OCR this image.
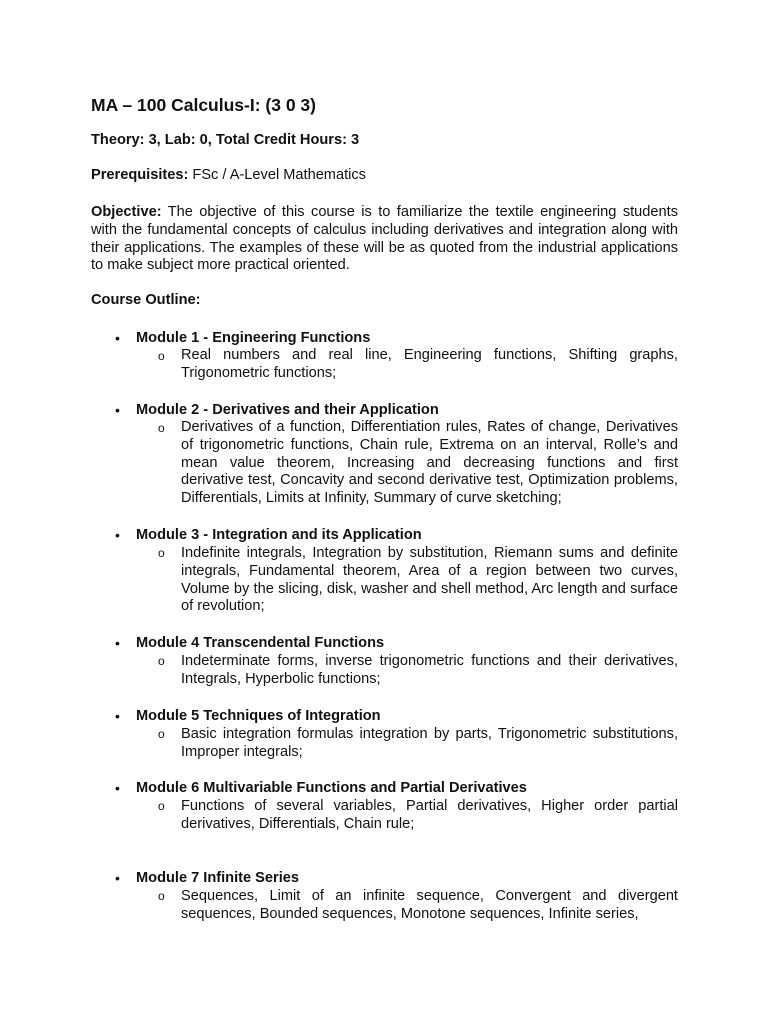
MA – 100 Calculus-I: (3 0 3)
Theory: 3, Lab: 0, Total Credit Hours: 3
Prerequisites: FSc / A-Level Mathematics
Objective: The objective of this course is to familiarize the textile engineering students with the fundamental concepts of calculus including derivatives and integration along with their applications. The examples of these will be as quoted from the industrial applications to make subject more practical oriented.
Course Outline:
• Module 1 - Engineering Functions
o Real numbers and real line, Engineering functions, Shifting graphs, Trigonometric functions;
• Module 2 - Derivatives and their Application
o Derivatives of a function, Differentiation rules, Rates of change, Derivatives of trigonometric functions, Chain rule, Extrema on an interval, Rolle’s and mean value theorem, Increasing and decreasing functions and first derivative test, Concavity and second derivative test, Optimization problems, Differentials, Limits at Infinity, Summary of curve sketching;
• Module 3 - Integration and its Application
o Indefinite integrals, Integration by substitution, Riemann sums and definite integrals, Fundamental theorem, Area of a region between two curves, Volume by the slicing, disk, washer and shell method, Arc length and surface of revolution;
• Module 4 Transcendental Functions
o Indeterminate forms, inverse trigonometric functions and their derivatives, Integrals, Hyperbolic functions;
• Module 5 Techniques of Integration
o Basic integration formulas integration by parts, Trigonometric substitutions, Improper integrals;
• Module 6 Multivariable Functions and Partial Derivatives
o Functions of several variables, Partial derivatives, Higher order partial derivatives, Differentials, Chain rule;
• Module 7 Infinite Series
o Sequences, Limit of an infinite sequence, Convergent and divergent sequences, Bounded sequences, Monotone sequences, Infinite series,
